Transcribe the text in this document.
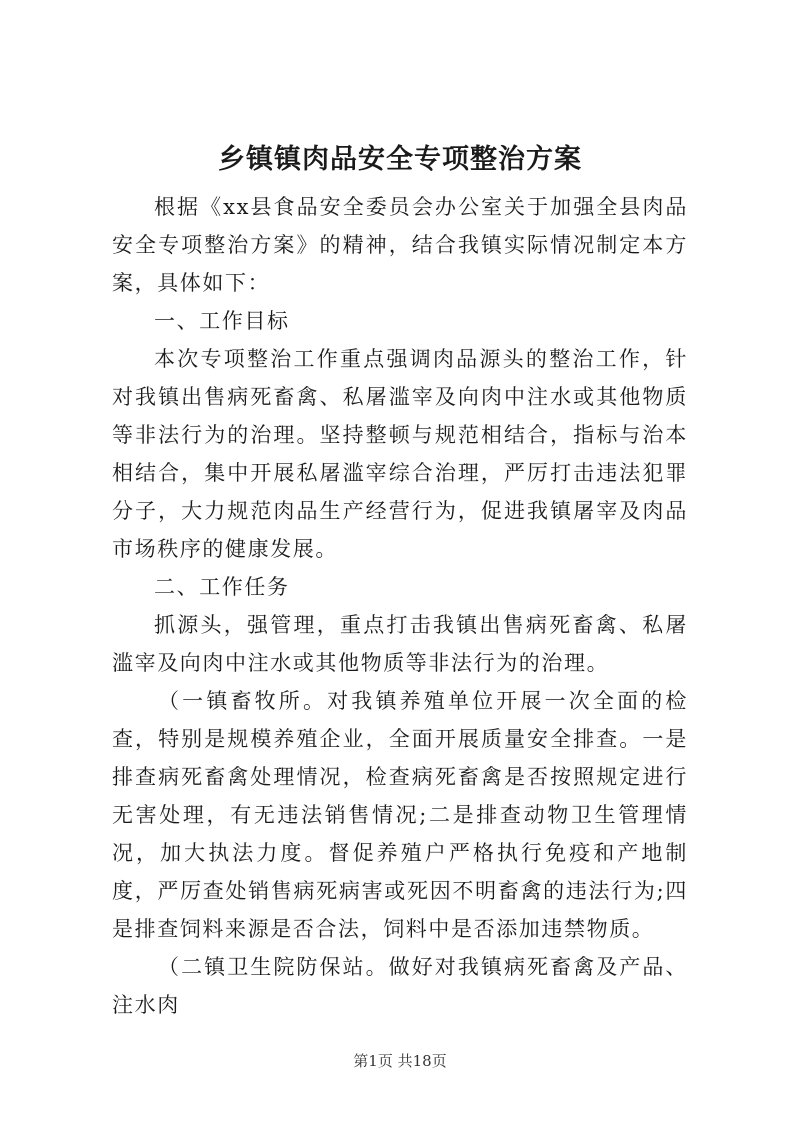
乡镇镇肉品安全专项整治方案

根据《xx县食品安全委员会办公室关于加强全县肉品安全专项整治方案》的精神，结合我镇实际情况制定本方案，具体如下：

一、工作目标

本次专项整治工作重点强调肉品源头的整治工作，针对我镇出售病死畜禽、私屠滥宰及向肉中注水或其他物质等非法行为的治理。坚持整顿与规范相结合，指标与治本相结合，集中开展私屠滥宰综合治理，严厉打击违法犯罪分子，大力规范肉品生产经营行为，促进我镇屠宰及肉品市场秩序的健康发展。

二、工作任务

抓源头，强管理，重点打击我镇出售病死畜禽、私屠滥宰及向肉中注水或其他物质等非法行为的治理。

（一镇畜牧所。对我镇养殖单位开展一次全面的检查，特别是规模养殖企业，全面开展质量安全排查。一是排查病死畜禽处理情况，检查病死畜禽是否按照规定进行无害处理，有无违法销售情况;二是排查动物卫生管理情况，加大执法力度。督促养殖户严格执行免疫和产地制度，严厉查处销售病死病害或死因不明畜禽的违法行为;四是排查饲料来源是否合法，饲料中是否添加违禁物质。

（二镇卫生院防保站。做好对我镇病死畜禽及产品、注水肉

第1页 共18页
